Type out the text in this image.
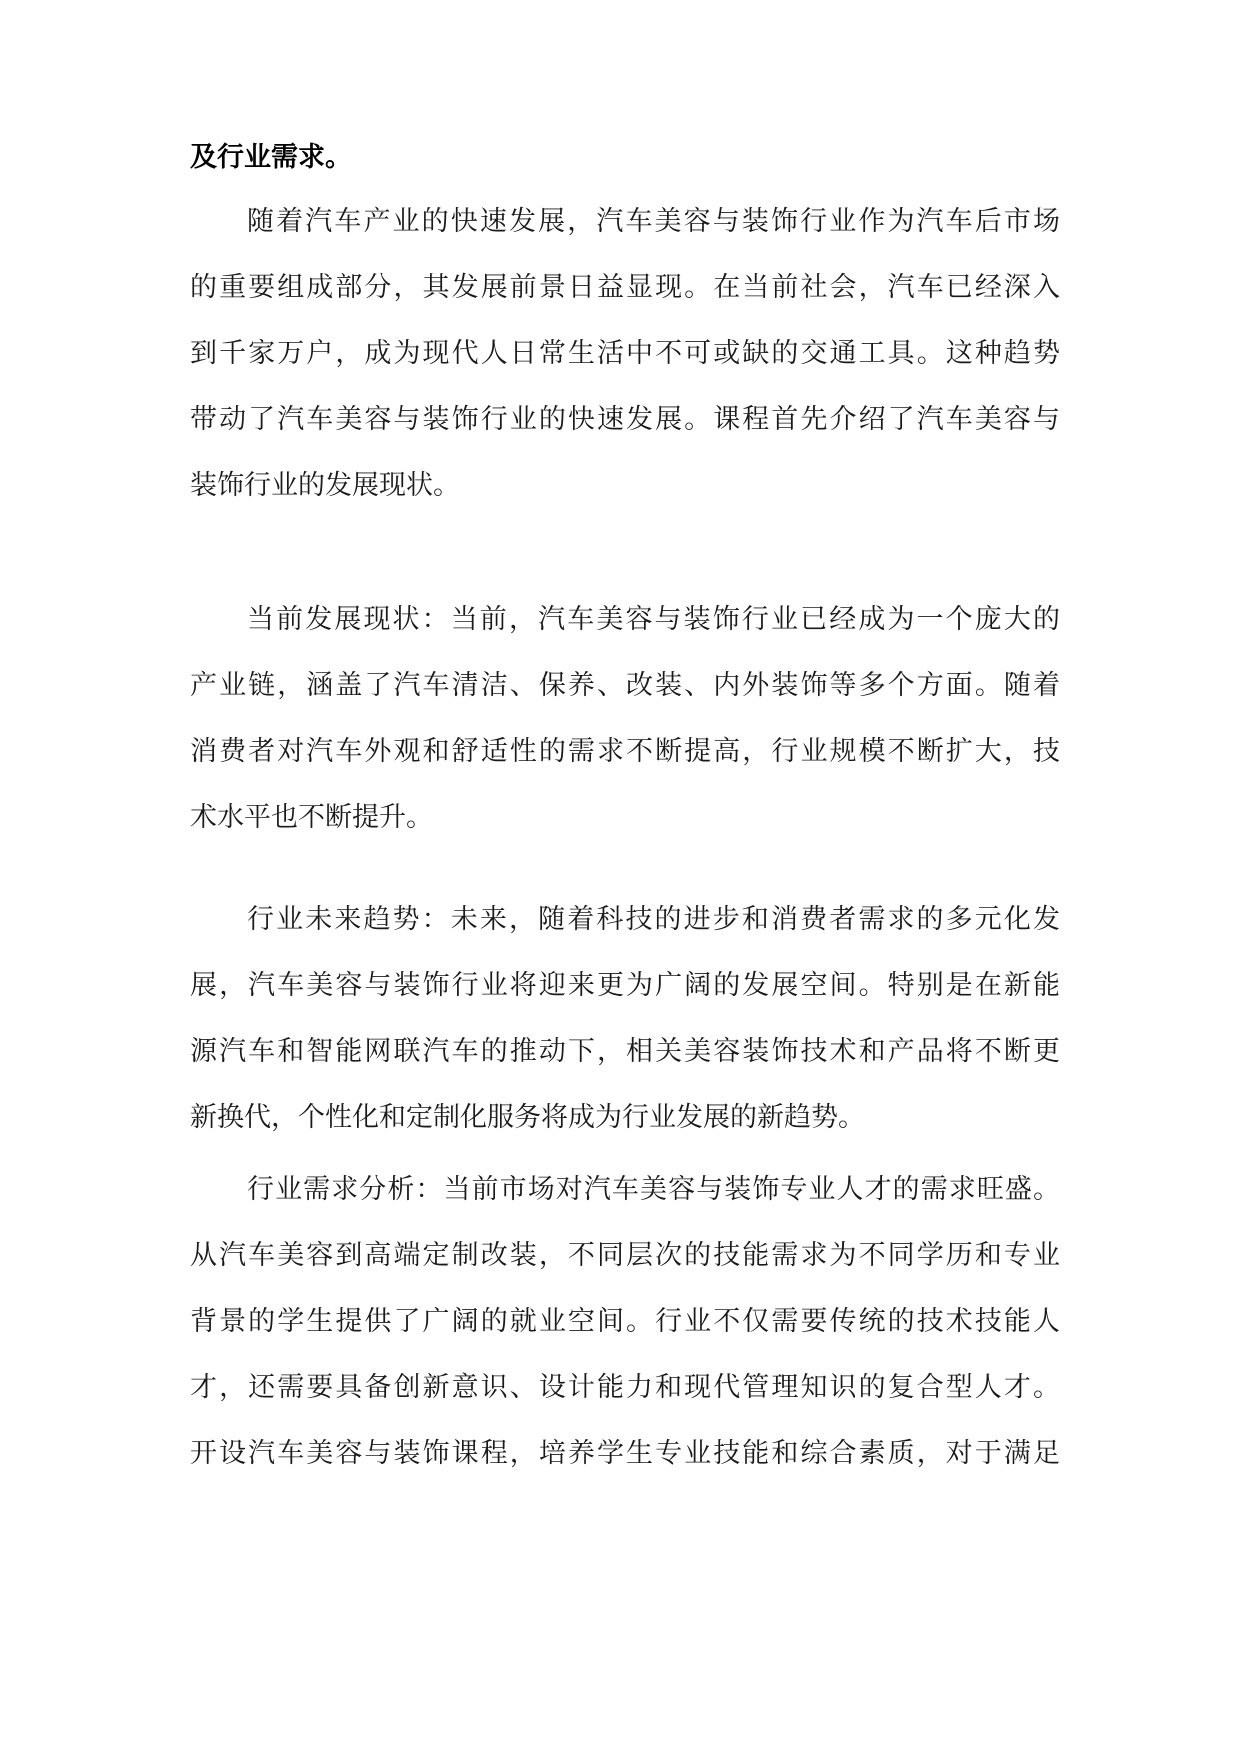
及行业需求。

随着汽车产业的快速发展，汽车美容与装饰行业作为汽车后市场

的重要组成部分，其发展前景日益显现。在当前社会，汽车已经深入

到千家万户，成为现代人日常生活中不可或缺的交通工具。这种趋势

带动了汽车美容与装饰行业的快速发展。课程首先介绍了汽车美容与

装饰行业的发展现状。

当前发展现状：当前，汽车美容与装饰行业已经成为一个庞大的

产业链，涵盖了汽车清洁、保养、改装、内外装饰等多个方面。随着

消费者对汽车外观和舒适性的需求不断提高，行业规模不断扩大，技

术水平也不断提升。

行业未来趋势：未来，随着科技的进步和消费者需求的多元化发

展，汽车美容与装饰行业将迎来更为广阔的发展空间。特别是在新能

源汽车和智能网联汽车的推动下，相关美容装饰技术和产品将不断更

新换代，个性化和定制化服务将成为行业发展的新趋势。

行业需求分析：当前市场对汽车美容与装饰专业人才的需求旺盛。

从汽车美容到高端定制改装，不同层次的技能需求为不同学历和专业

背景的学生提供了广阔的就业空间。行业不仅需要传统的技术技能人

才，还需要具备创新意识、设计能力和现代管理知识的复合型人才。

开设汽车美容与装饰课程，培养学生专业技能和综合素质，对于满足
